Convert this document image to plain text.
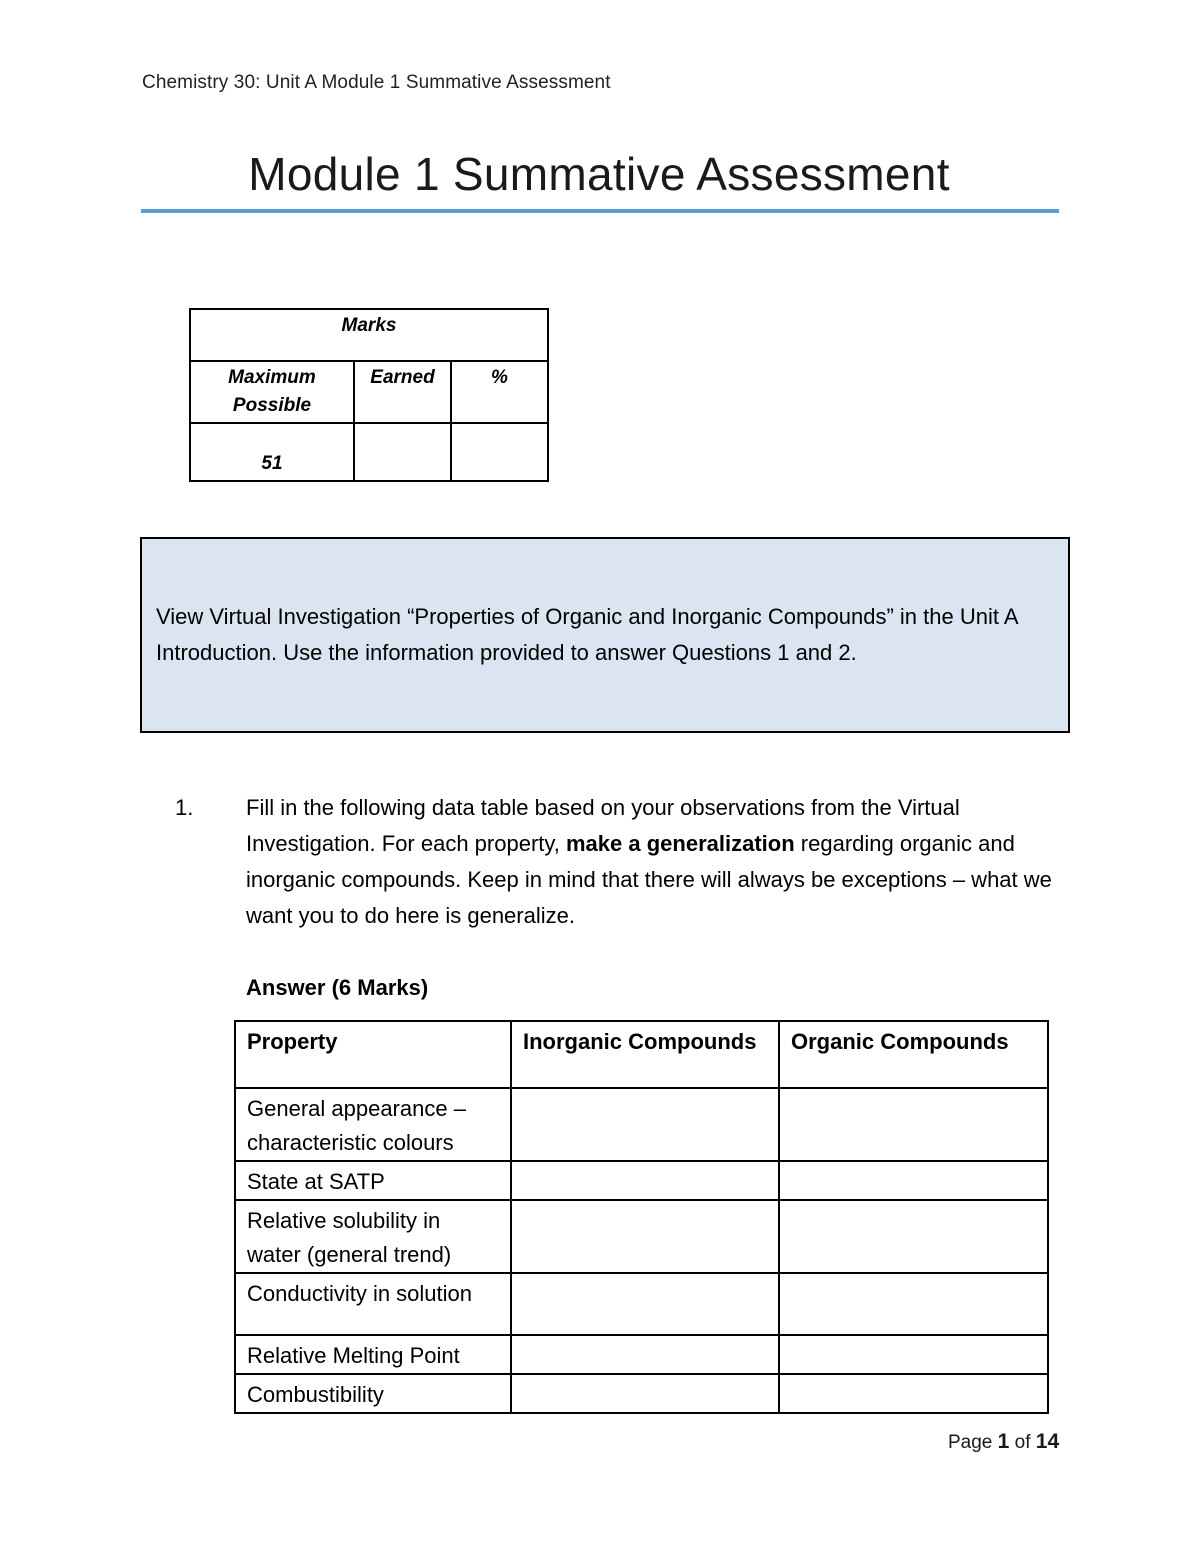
Chemistry 30: Unit A Module 1 Summative Assessment
Module 1 Summative Assessment
Marks		
Maximum Possible	Earned	%
51		
View Virtual Investigation “Properties of Organic and Inorganic Compounds” in the Unit A Introduction. Use the information provided to answer Questions 1 and 2.
1. Fill in the following data table based on your observations from the Virtual Investigation. For each property, make a generalization regarding organic and inorganic compounds. Keep in mind that there will always be exceptions – what we want you to do here is generalize.
Answer (6 Marks)
Property	Inorganic Compounds	Organic Compounds
General appearance – characteristic colours		
State at SATP		
Relative solubility in water (general trend)		
Conductivity in solution		
Relative Melting Point		
Combustibility		
Page 1 of 14
